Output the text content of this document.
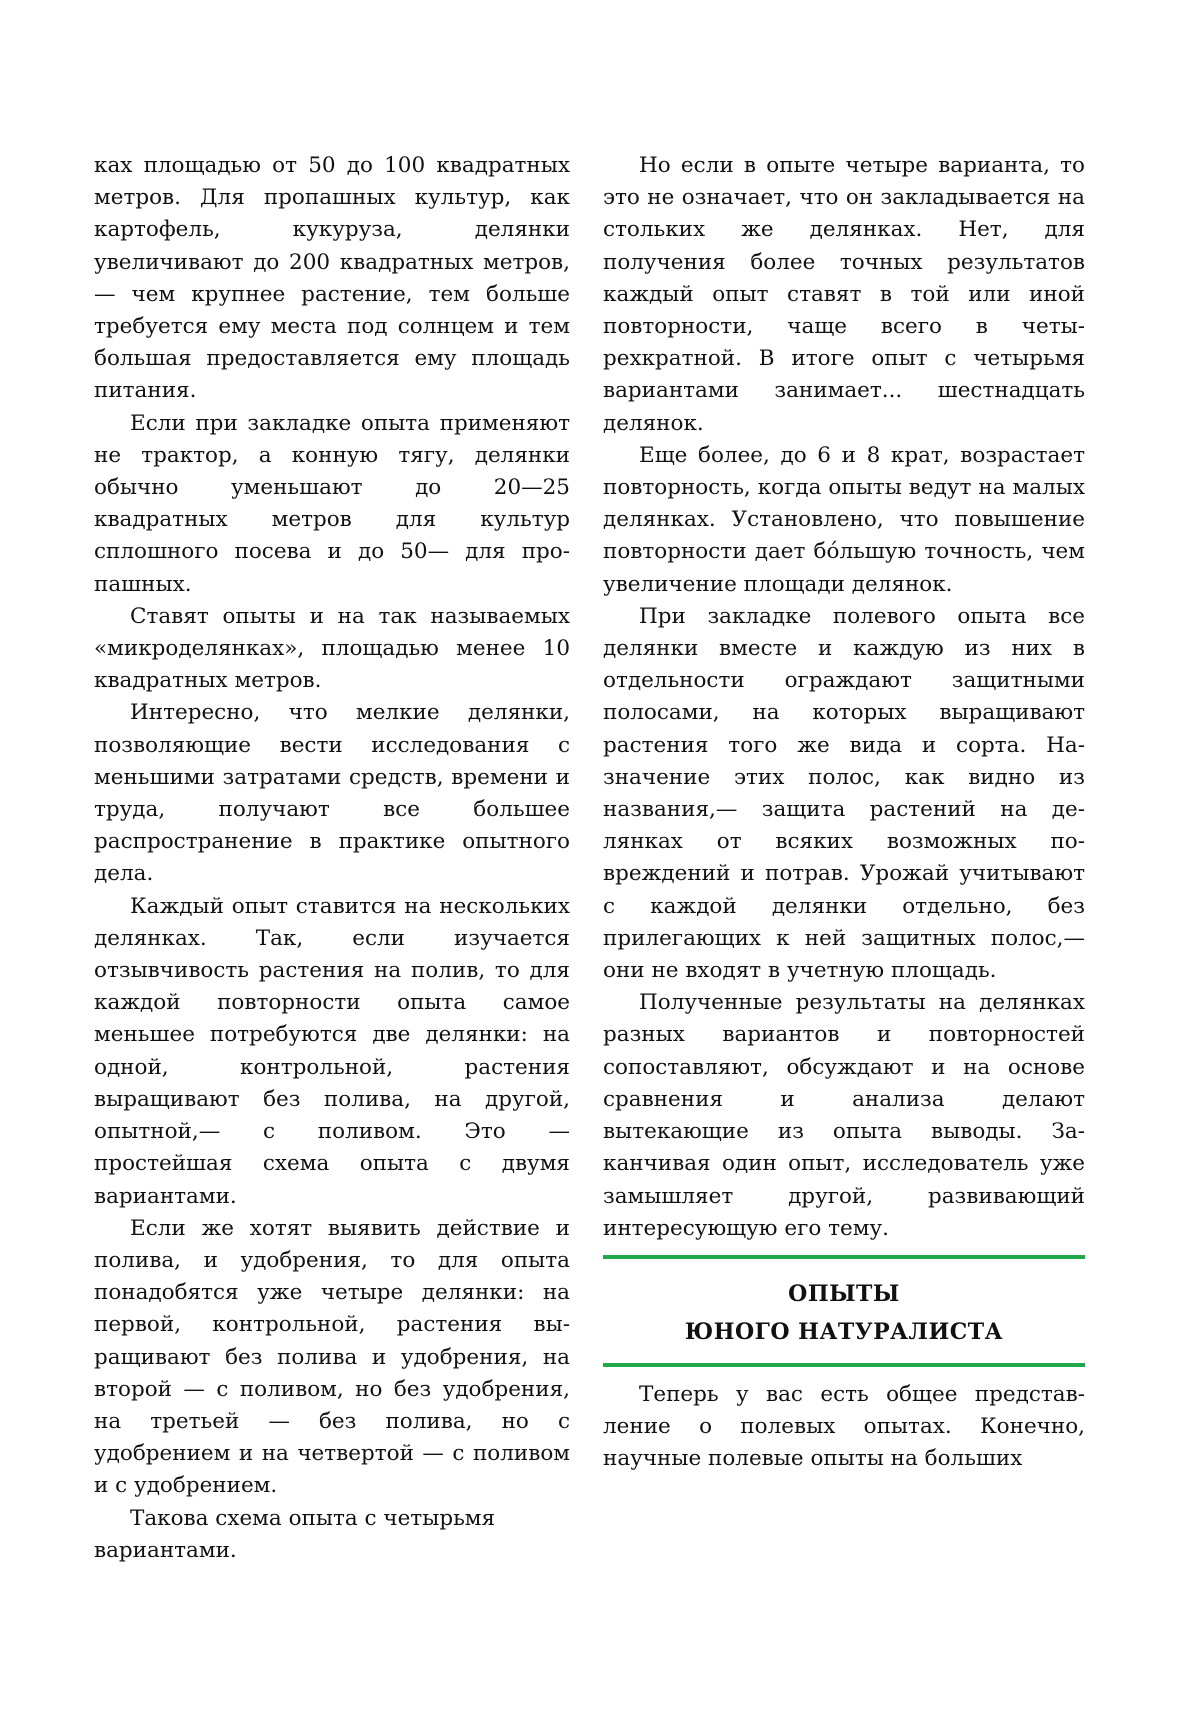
ках площадью от 50 до 100 квадратных метров. Для пропашных культур, как картофель, кукуруза, делянки увеличивают до 200 квадратных метров,— чем крупнее растение, тем больше требуется ему места под солнцем и тем большая предоставляется ему площадь питания.

Если при закладке опыта применяют не трактор, а конную тягу, делянки обычно уменьшают до 20—25 квадратных метров для культур сплошного посева и до 50— для пропашных.

Ставят опыты и на так называемых «микроделянках», площадью менее 10 квадратных метров.

Интересно, что мелкие делянки, позволяющие вести исследования с меньшими затратами средств, времени и труда, получают все большее распространение в практике опытного дела.

Каждый опыт ставится на нескольких делянках. Так, если изучается отзывчивость растения на полив, то для каждой повторности опыта самое меньшее потребуются две делянки: на одной, контрольной, растения выращивают без полива, на другой, опытной,— с поливом. Это — простейшая схема опыта с двумя вариантами.

Если же хотят выявить действие и полива, и удобрения, то для опыта понадобятся уже четыре делянки: на первой, контрольной, растения выращивают без полива и удобрения, на второй — с поливом, но без удобрения, на третьей — без полива, но с удобрением и на четвертой — с поливом и с удобрением.

Такова схема опыта с четырьмя вариантами.

Но если в опыте четыре варианта, то это не означает, что он закладывается на стольких же делянках. Нет, для получения более точных результатов каждый опыт ставят в той или иной повторности, чаще всего в четырехкратной. В итоге опыт с четырьмя вариантами занимает... шестнадцать делянок.

Еще более, до 6 и 8 крат, возрастает повторность, когда опыты ведут на малых делянках. Установлено, что повышение повторности дает бóльшую точность, чем увеличение площади делянок.

При закладке полевого опыта все делянки вместе и каждую из них в отдельности ограждают защитными полосами, на которых выращивают растения того же вида и сорта. Назначение этих полос, как видно из названия,— защита растений на делянках от всяких возможных повреждений и потрав. Урожай учитывают с каждой делянки отдельно, без прилегающих к ней защитных полос,— они не входят в учетную площадь.

Полученные результаты на делянках разных вариантов и повторностей сопоставляют, обсуждают и на основе сравнения и анализа делают вытекающие из опыта выводы. Заканчивая один опыт, исследователь уже замышляет другой, развивающий интересующую его тему.

ОПЫТЫ
ЮНОГО НАТУРАЛИСТА

Теперь у вас есть общее представление о полевых опытах. Конечно, научные полевые опыты на больших
